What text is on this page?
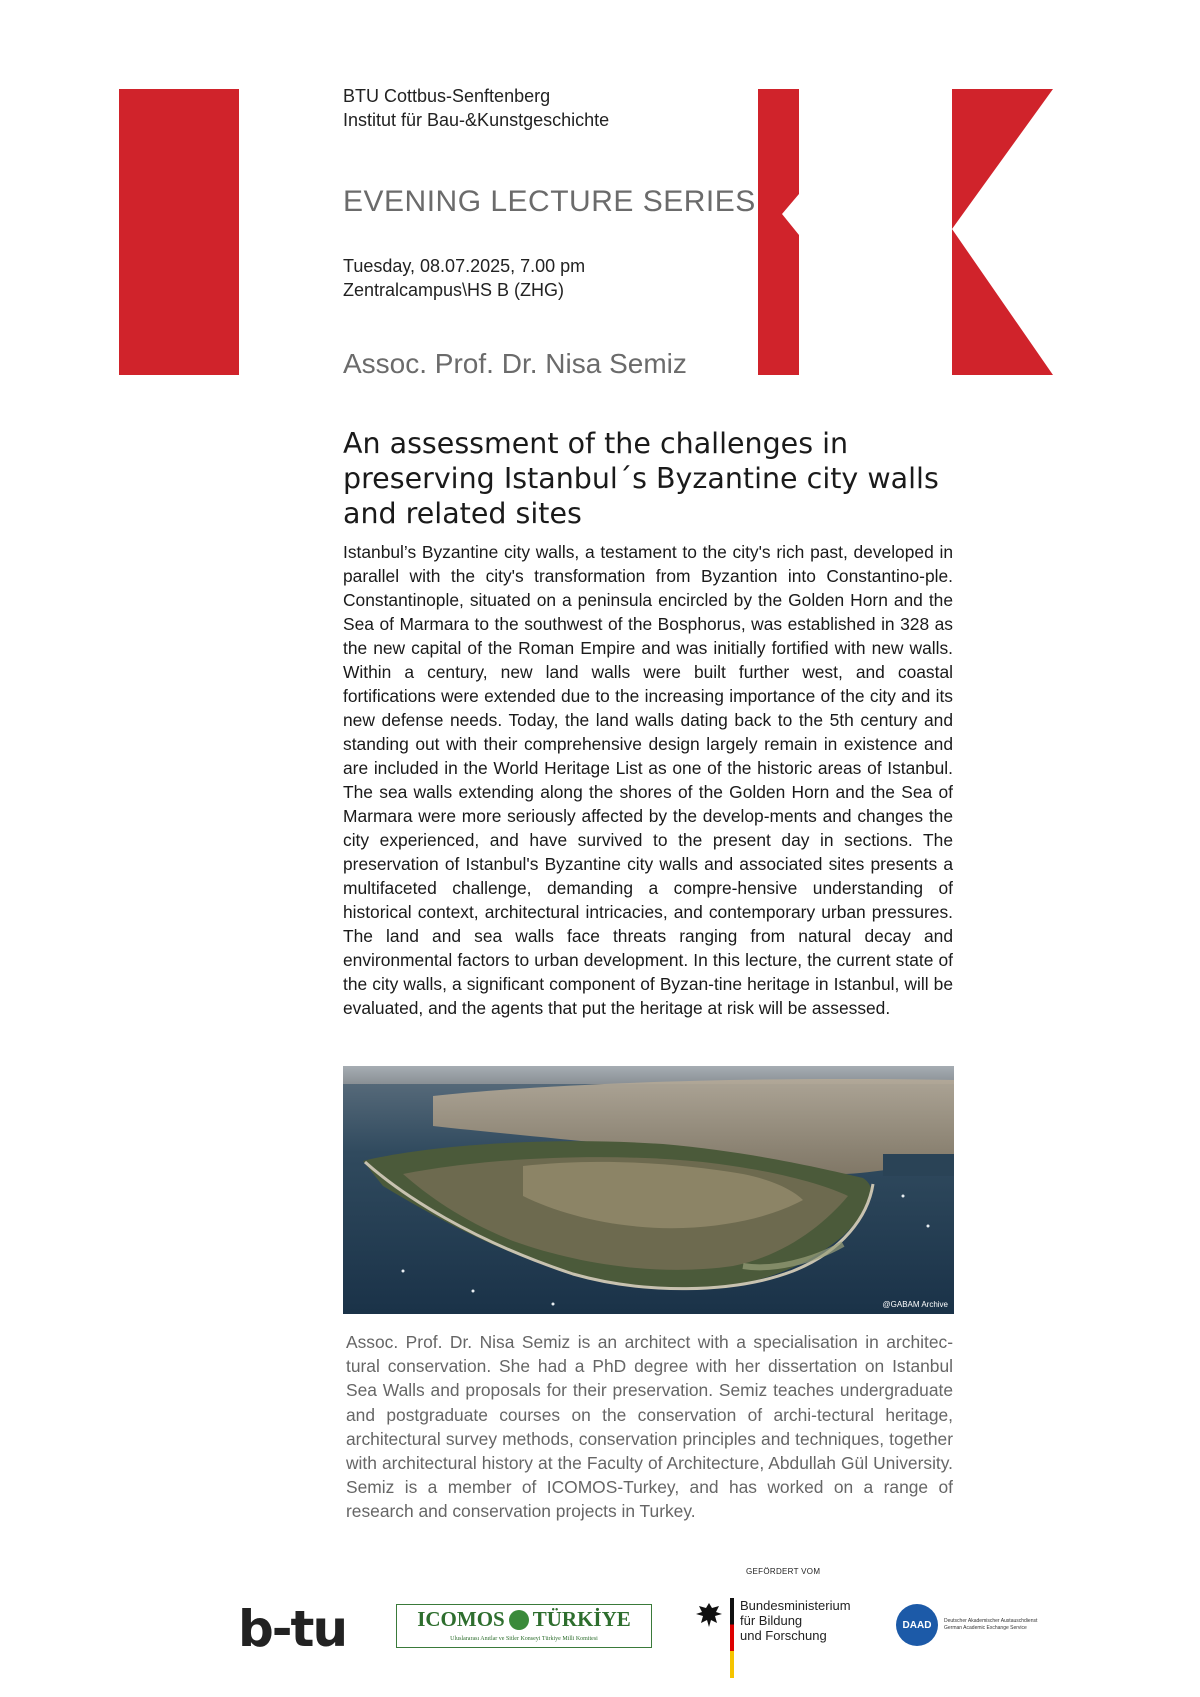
BTU Cottbus-Senftenberg
Institut für Bau-&Kunstgeschichte
EVENING LECTURE SERIES
Tuesday, 08.07.2025, 7.00 pm
Zentralcampus\HS B (ZHG)
Assoc. Prof. Dr. Nisa Semiz
An assessment of the challenges in preserving Istanbul´s Byzantine city walls and related sites
Istanbul’s Byzantine city walls, a testament to the city's rich past, developed in parallel with the city's transformation from Byzantion into Constantino-ple. Constantinople, situated on a peninsula encircled by the Golden Horn and the Sea of Marmara to the southwest of the Bosphorus, was established in 328 as the new capital of the Roman Empire and was initially fortified with new walls. Within a century, new land walls were built further west, and coastal fortifications were extended due to the increasing importance of the city and its new defense needs. Today, the land walls dating back to the 5th century and standing out with their comprehensive design largely remain in existence and are included in the World Heritage List as one of the historic areas of Istanbul. The sea walls extending along the shores of the Golden Horn and the Sea of Marmara were more seriously affected by the develop-ments and changes the city experienced, and have survived to the present day in sections. The preservation of Istanbul's Byzantine city walls and associated sites presents a multifaceted challenge, demanding a compre-hensive understanding of historical context, architectural intricacies, and contemporary urban pressures. The land and sea walls face threats ranging from natural decay and environmental factors to urban development. In this lecture, the current state of the city walls, a significant component of Byzan-tine heritage in Istanbul, will be evaluated, and the agents that put the heritage at risk will be assessed.
@GABAM Archive
Assoc. Prof. Dr. Nisa Semiz is an architect with a specialisation in architec-tural conservation. She had a PhD degree with her dissertation on Istanbul Sea Walls and proposals for their preservation. Semiz teaches undergraduate and postgraduate courses on the conservation of archi-tectural heritage, architectural survey methods, conservation principles and techniques, together with architectural history at the Faculty of Architecture, Abdullah Gül University. Semiz is a member of ICOMOS-Turkey, and has worked on a range of research and conservation projects in Turkey.
GEFÖRDERT VOM
b-tu	ICOMOS TÜRKİYE
Uluslararası Anıtlar ve Sitler Konseyi Türkiye Milli Komitesi
Bundesministerium
für Bildung
und Forschung
DAAD	Deutscher Akademischer Austauschdienst
German Academic Exchange Service
